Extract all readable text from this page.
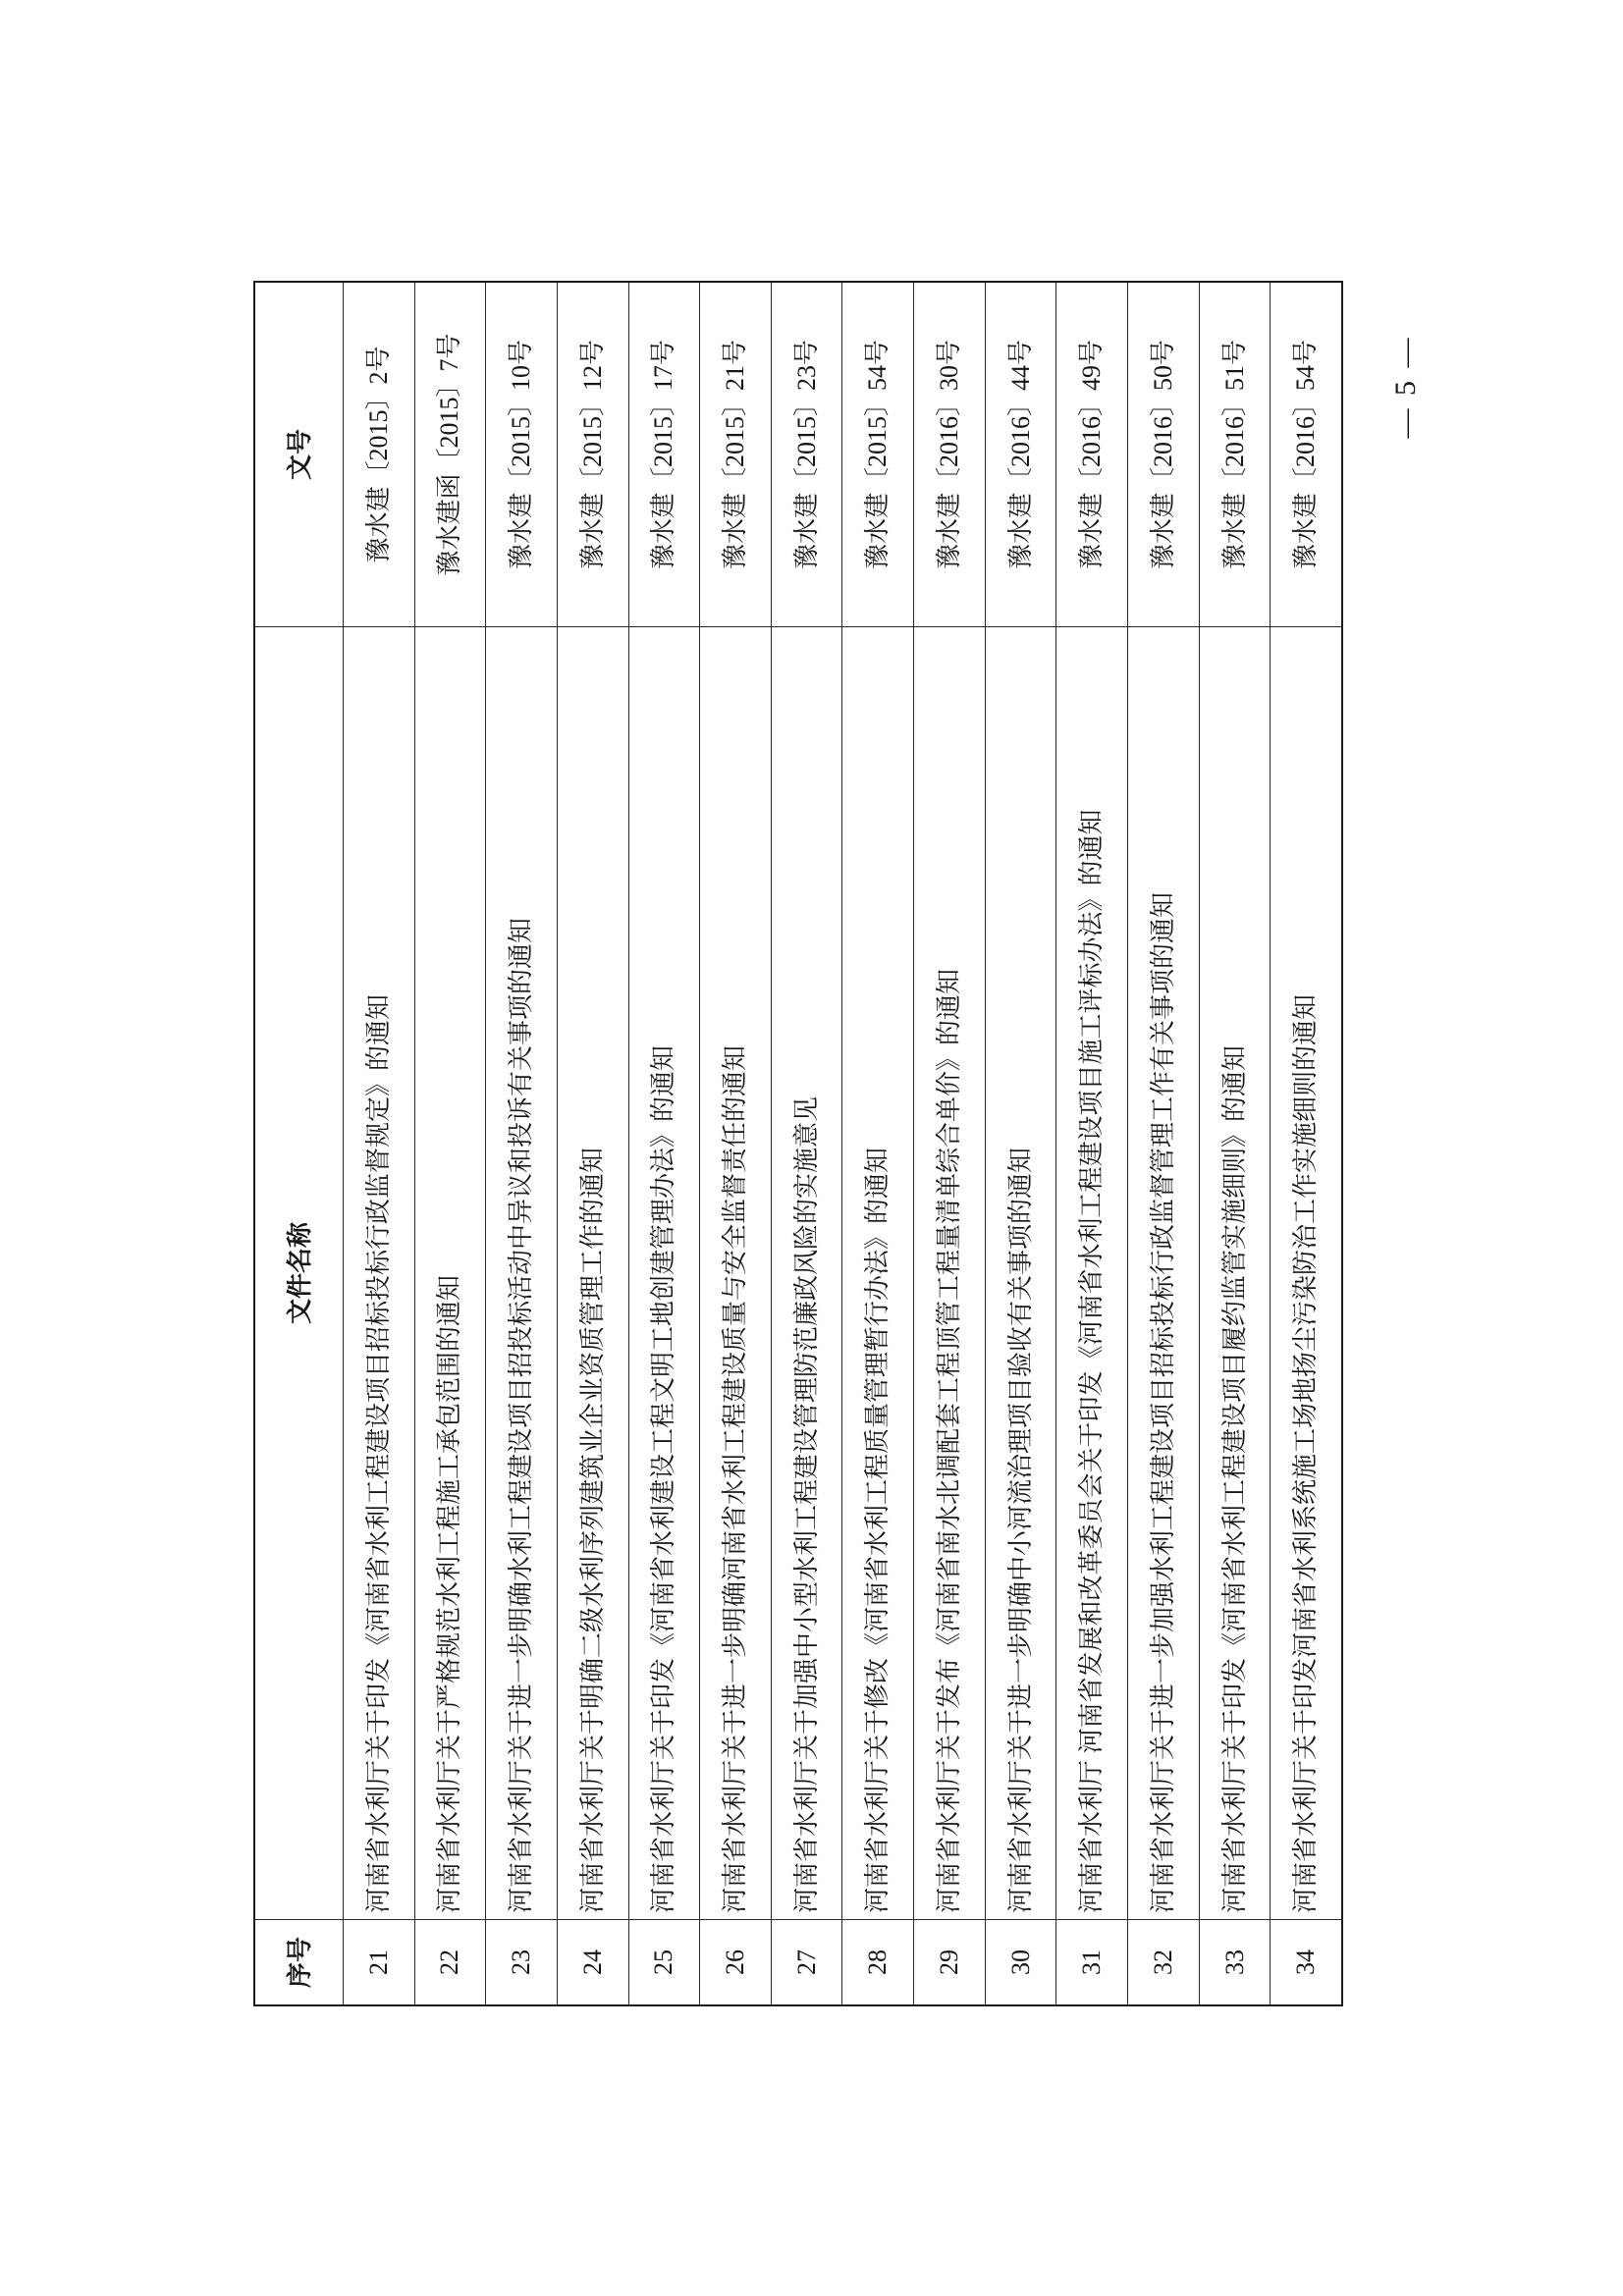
序号
文件名称
文号
21
河南省水利厅关于印发《河南省水利工程建设项目招标投标行政监督规定》的通知
豫水建〔2015〕2号
22
河南省水利厅关于严格规范水利工程施工承包范围的通知
豫水建函〔2015〕7号
23
河南省水利厅关于进一步明确水利工程建设项目招投标活动中异议和投诉有关事项的通知
豫水建〔2015〕10号
24
河南省水利厅关于明确二级水利序列建筑业企业资质管理工作的通知
豫水建〔2015〕12号
25
河南省水利厅关于印发《河南省水利建设工程文明工地创建管理办法》的通知
豫水建〔2015〕17号
26
河南省水利厅关于进一步明确河南省水利工程建设质量与安全监督责任的通知
豫水建〔2015〕21号
27
河南省水利厅关于加强中小型水利工程建设管理防范廉政风险的实施意见
豫水建〔2015〕23号
28
河南省水利厅关于修改《河南省水利工程质量管理暂行办法》的通知
豫水建〔2015〕54号
29
河南省水利厅关于发布《河南省南水北调配套工程顶管工程量清单综合单价》的通知
豫水建〔2016〕30号
30
河南省水利厅关于进一步明确中小河流治理项目验收有关事项的通知
豫水建〔2016〕44号
31
河南省水利厅 河南省发展和改革委员会关于印发《河南省水利工程建设项目施工评标办法》的通知
豫水建〔2016〕49号
32
河南省水利厅关于进一步加强水利工程建设项目招标投标行政监督管理工作有关事项的通知
豫水建〔2016〕50号
33
河南省水利厅关于印发《河南省水利工程建设项目履约监管实施细则》的通知
豫水建〔2016〕51号
34
河南省水利厅关于印发河南省水利系统施工场地扬尘污染防治工作实施细则的通知
豫水建〔2016〕54号	— 5 —
